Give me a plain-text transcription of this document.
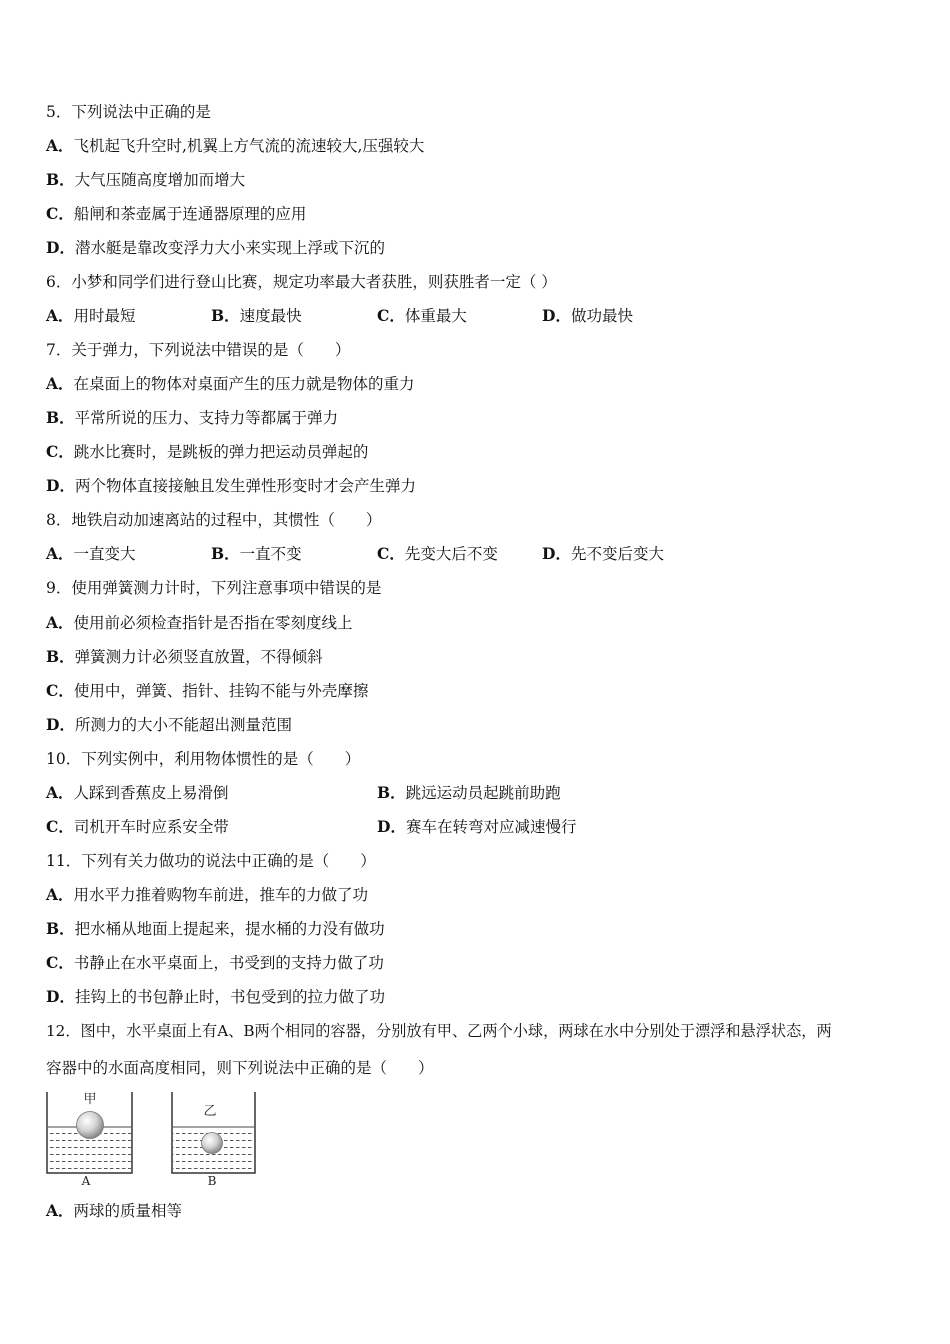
5．下列说法中正确的是
A．飞机起飞升空时,机翼上方气流的流速较大,压强较大
B．大气压随高度增加而增大
C．船闸和茶壶属于连通器原理的应用
D．潜水艇是靠改变浮力大小来实现上浮或下沉的
6．小梦和同学们进行登山比赛，规定功率最大者获胜，则获胜者一定（ ）
A．用时最短	B．速度最快	C．体重最大	D．做功最快
7．关于弹力，下列说法中错误的是（　　）
A．在桌面上的物体对桌面产生的压力就是物体的重力
B．平常所说的压力、支持力等都属于弹力
C．跳水比赛时，是跳板的弹力把运动员弹起的
D．两个物体直接接触且发生弹性形变时才会产生弹力
8．地铁启动加速离站的过程中，其惯性（　　）
A．一直变大	B．一直不变	C．先变大后不变	D．先不变后变大
9．使用弹簧测力计时，下列注意事项中错误的是
A．使用前必须检查指针是否指在零刻度线上
B．弹簧测力计必须竖直放置，不得倾斜
C．使用中，弹簧、指针、挂钩不能与外壳摩擦
D．所测力的大小不能超出测量范围
10．下列实例中，利用物体惯性的是（　　）
A．人踩到香蕉皮上易滑倒	B．跳远运动员起跳前助跑
C．司机开车时应系安全带	D．赛车在转弯对应减速慢行
11．下列有关力做功的说法中正确的是（　　）
A．用水平力推着购物车前进，推车的力做了功
B．把水桶从地面上提起来，提水桶的力没有做功
C．书静止在水平桌面上，书受到的支持力做了功
D．挂钩上的书包静止时，书包受到的拉力做了功
12．图中，水平桌面上有A、B两个相同的容器，分别放有甲、乙两个小球，两球在水中分别处于漂浮和悬浮状态，两
容器中的水面高度相同，则下列说法中正确的是（　　）
甲
A
乙
B
A．两球的质量相等
